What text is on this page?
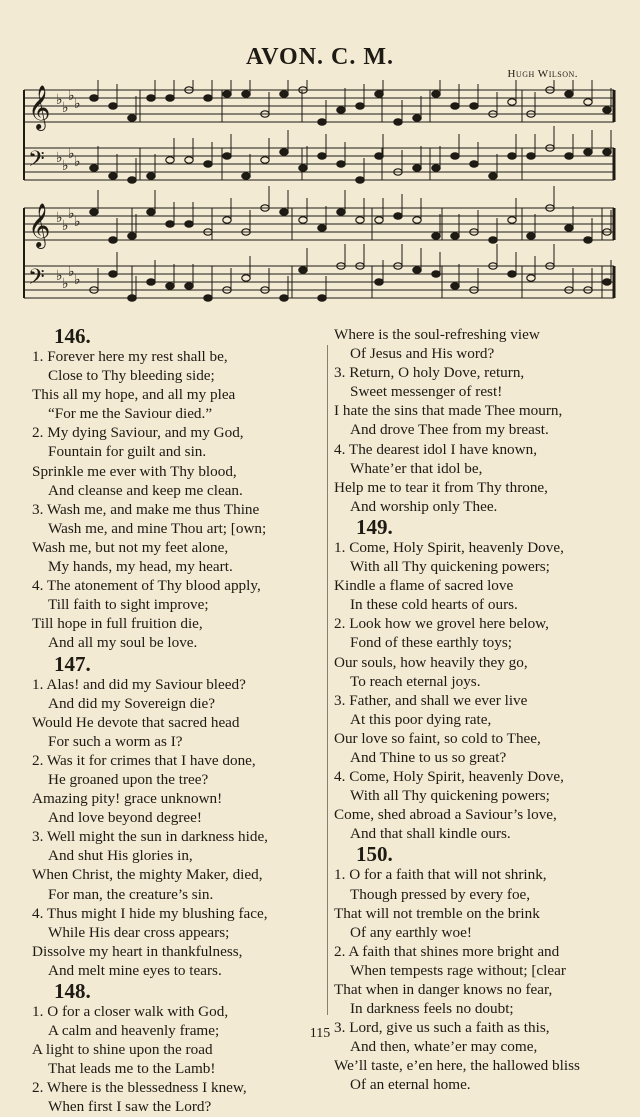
AVON. C. M.
Hugh Wilson.
𝄞 ♭ ♭
♭ ♭
𝄢 ♭ ♭
♭ ♭
𝄞 ♭ ♭
♭ ♭
𝄢 ♭ ♭
♭ ♭
146.
1. Forever here my rest shall be,
Close to Thy bleeding side;
This all my hope, and all my plea
“For me the Saviour died.”
2. My dying Saviour, and my God,
Fountain for guilt and sin.
Sprinkle me ever with Thy blood,
And cleanse and keep me clean.
3. Wash me, and make me thus Thine
Wash me, and mine Thou art; [own;
Wash me, but not my feet alone,
My hands, my head, my heart.
4. The atonement of Thy blood apply,
Till faith to sight improve;
Till hope in full fruition die,
And all my soul be love.
147.
1. Alas! and did my Saviour bleed?
And did my Sovereign die?
Would He devote that sacred head
For such a worm as I?
2. Was it for crimes that I have done,
He groaned upon the tree?
Amazing pity! grace unknown!
And love beyond degree!
3. Well might the sun in darkness hide,
And shut His glories in,
When Christ, the mighty Maker, died,
For man, the creature’s sin.
4. Thus might I hide my blushing face,
While His dear cross appears;
Dissolve my heart in thankfulness,
And melt mine eyes to tears.
148.
1. O for a closer walk with God,
A calm and heavenly frame;
A light to shine upon the road
That leads me to the Lamb!
2. Where is the blessedness I knew,
When first I saw the Lord?
Where is the soul-refreshing view
Of Jesus and His word?
3. Return, O holy Dove, return,
Sweet messenger of rest!
I hate the sins that made Thee mourn,
And drove Thee from my breast.
4. The dearest idol I have known,
Whate’er that idol be,
Help me to tear it from Thy throne,
And worship only Thee.
149.
1. Come, Holy Spirit, heavenly Dove,
With all Thy quickening powers;
Kindle a flame of sacred love
In these cold hearts of ours.
2. Look how we grovel here below,
Fond of these earthly toys;
Our souls, how heavily they go,
To reach eternal joys.
3. Father, and shall we ever live
At this poor dying rate,
Our love so faint, so cold to Thee,
And Thine to us so great?
4. Come, Holy Spirit, heavenly Dove,
With all Thy quickening powers;
Come, shed abroad a Saviour’s love,
And that shall kindle ours.
150.
1. O for a faith that will not shrink,
Though pressed by every foe,
That will not tremble on the brink
Of any earthly woe!
2. A faith that shines more bright and
When tempests rage without; [clear
That when in danger knows no fear,
In darkness feels no doubt;
3. Lord, give us such a faith as this,
And then, whate’er may come,
We’ll taste, e’en here, the hallowed bliss
Of an eternal home.
115
